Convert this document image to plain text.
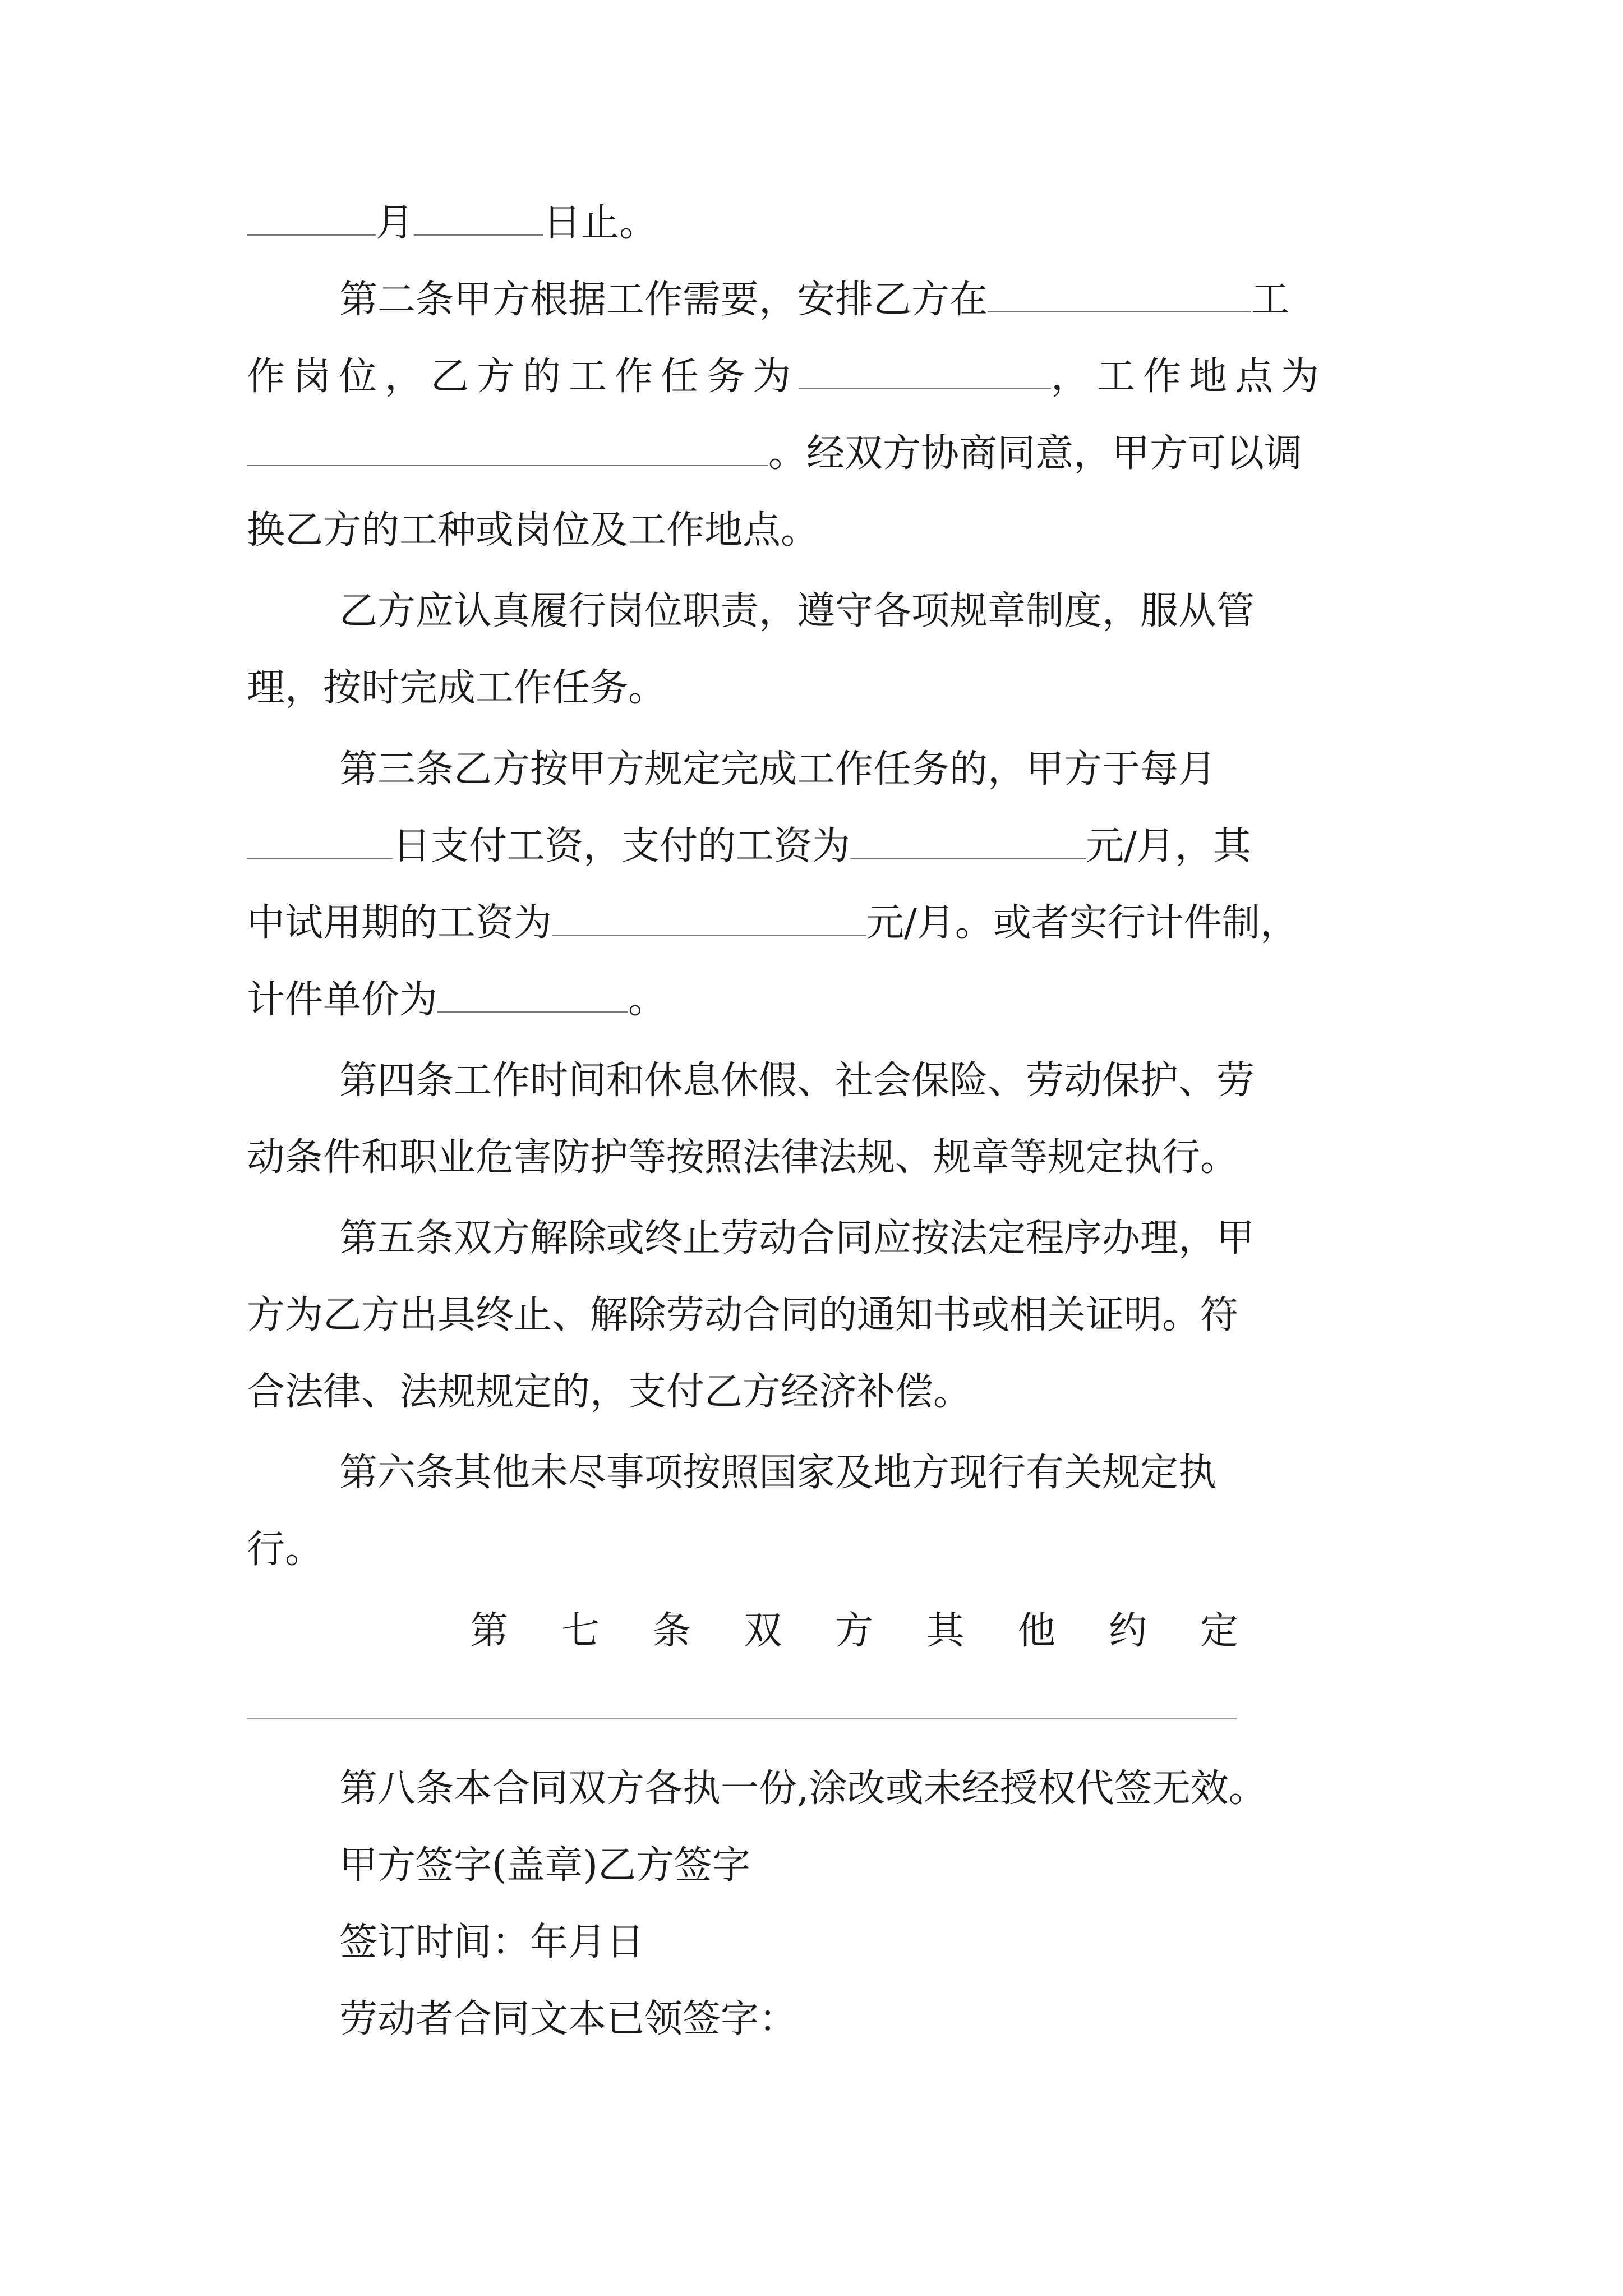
月	日止。
第二条甲方根据工作需要，安排乙方在	工
作岗位，乙方的工作任务为	，工作地点为
。经双方协商同意，甲方可以调
换乙方的工种或岗位及工作地点。
乙方应认真履行岗位职责，遵守各项规章制度，服从管
理，按时完成工作任务。
第三条乙方按甲方规定完成工作任务的，甲方于每月
日支付工资，支付的工资为	元/月，其
中试用期的工资为	元/月。或者实行计件制，
计件单价为	。
第四条工作时间和休息休假、社会保险、劳动保护、劳
动条件和职业危害防护等按照法律法规、规章等规定执行。
第五条双方解除或终止劳动合同应按法定程序办理，甲
方为乙方出具终止、解除劳动合同的通知书或相关证明。符
合法律、法规规定的，支付乙方经济补偿。
第六条其他未尽事项按照国家及地方现行有关规定执
行。
第 七 条 双 方 其 他 约 定
第八条本合同双方各执一份,涂改或未经授权代签无效。
甲方签字(盖章)乙方签字
签订时间：年月日
劳动者合同文本已领签字：
